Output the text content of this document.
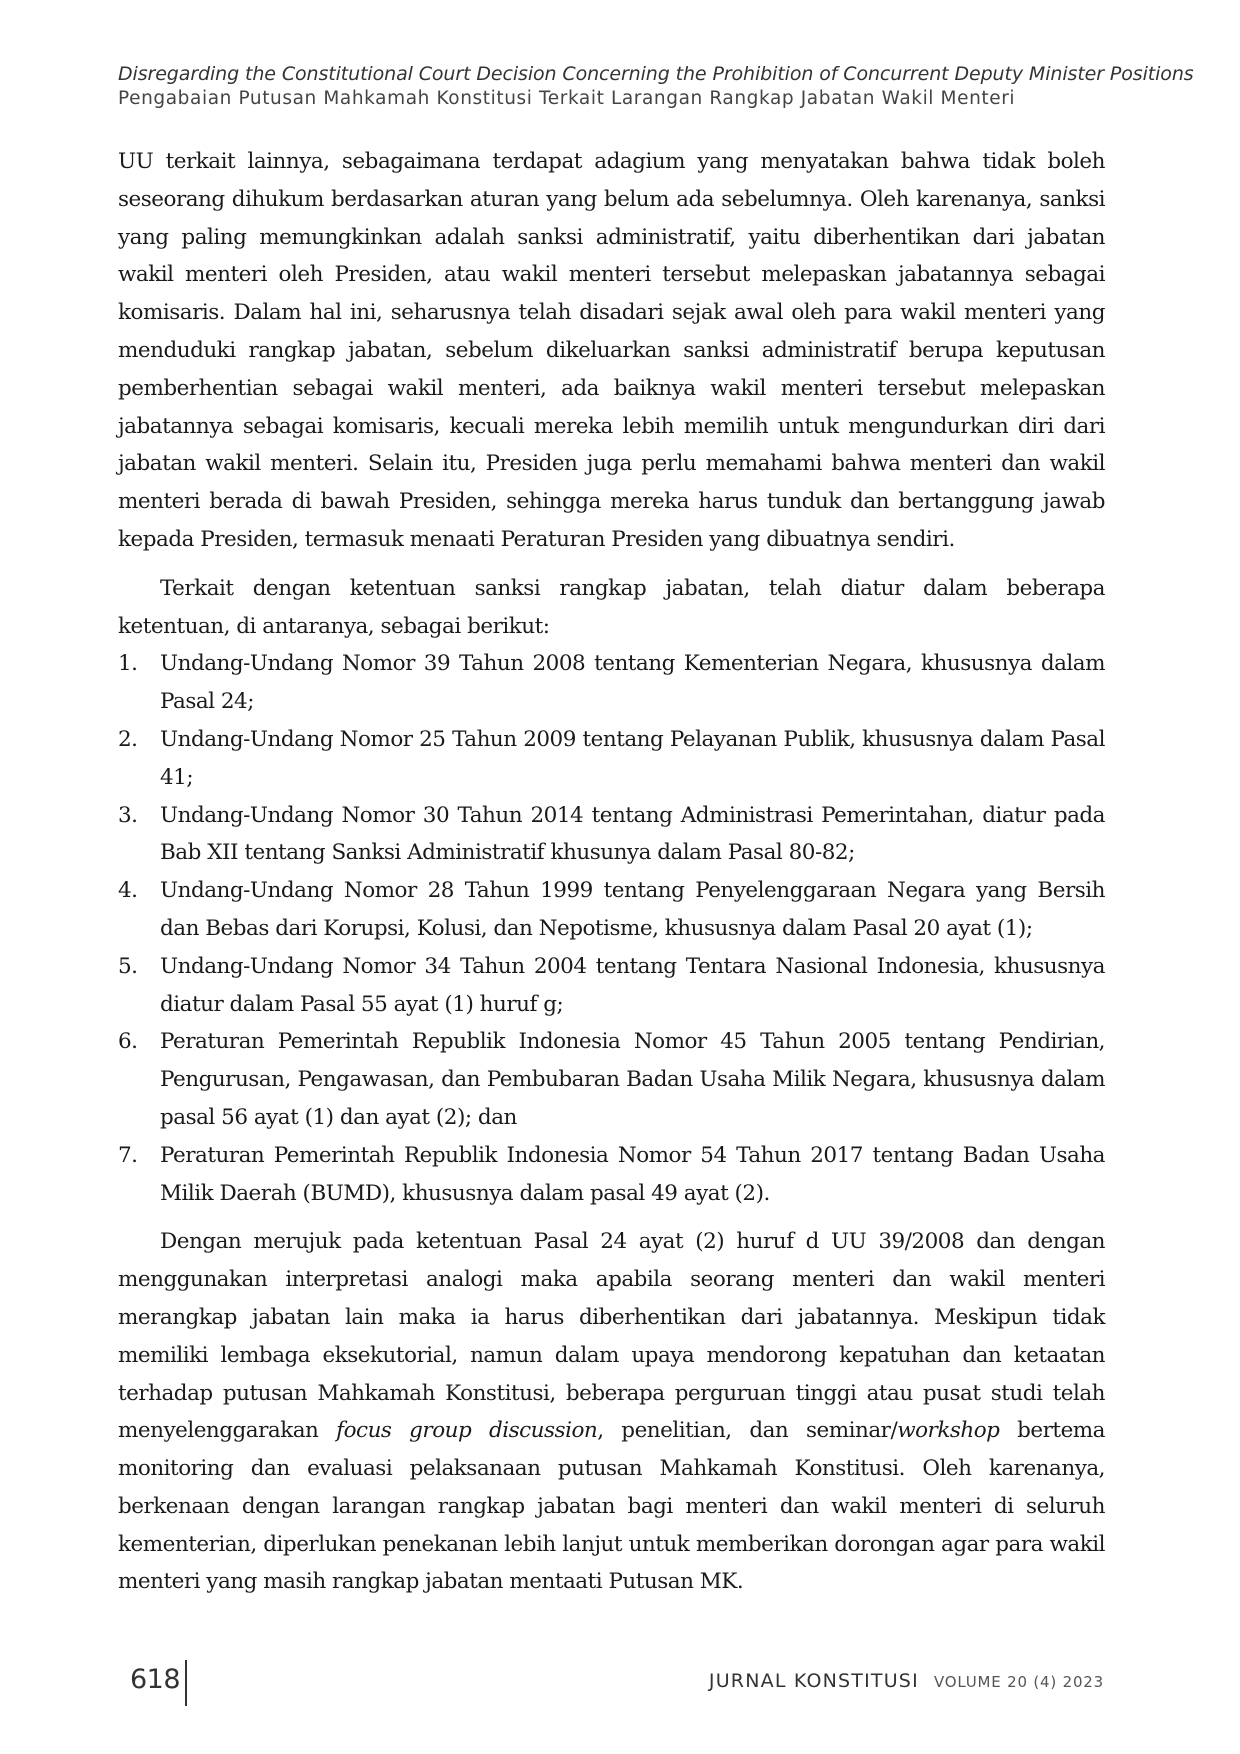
Disregarding the Constitutional Court Decision Concerning the Prohibition of Concurrent Deputy Minister Positions
Pengabaian Putusan Mahkamah Konstitusi Terkait Larangan Rangkap Jabatan Wakil Menteri

UU terkait lainnya, sebagaimana terdapat adagium yang menyatakan bahwa tidak boleh seseorang dihukum berdasarkan aturan yang belum ada sebelumnya. Oleh karenanya, sanksi yang paling memungkinkan adalah sanksi administratif, yaitu diberhentikan dari jabatan wakil menteri oleh Presiden, atau wakil menteri tersebut melepaskan jabatannya sebagai komisaris. Dalam hal ini, seharusnya telah disadari sejak awal oleh para wakil menteri yang menduduki rangkap jabatan, sebelum dikeluarkan sanksi administratif berupa keputusan pemberhentian sebagai wakil menteri, ada baiknya wakil menteri tersebut melepaskan jabatannya sebagai komisaris, kecuali mereka lebih memilih untuk mengundurkan diri dari jabatan wakil menteri. Selain itu, Presiden juga perlu memahami bahwa menteri dan wakil menteri berada di bawah Presiden, sehingga mereka harus tunduk dan bertanggung jawab kepada Presiden, termasuk menaati Peraturan Presiden yang dibuatnya sendiri.

Terkait dengan ketentuan sanksi rangkap jabatan, telah diatur dalam beberapa ketentuan, di antaranya, sebagai berikut:

1. Undang-Undang Nomor 39 Tahun 2008 tentang Kementerian Negara, khususnya dalam Pasal 24;
2. Undang-Undang Nomor 25 Tahun 2009 tentang Pelayanan Publik, khususnya dalam Pasal 41;
3. Undang-Undang Nomor 30 Tahun 2014 tentang Administrasi Pemerintahan, diatur pada Bab XII tentang Sanksi Administratif khusunya dalam Pasal 80-82;
4. Undang-Undang Nomor 28 Tahun 1999 tentang Penyelenggaraan Negara yang Bersih dan Bebas dari Korupsi, Kolusi, dan Nepotisme, khususnya dalam Pasal 20 ayat (1);
5. Undang-Undang Nomor 34 Tahun 2004 tentang Tentara Nasional Indonesia, khususnya diatur dalam Pasal 55 ayat (1) huruf g;
6. Peraturan Pemerintah Republik Indonesia Nomor 45 Tahun 2005 tentang Pendirian, Pengurusan, Pengawasan, dan Pembubaran Badan Usaha Milik Negara, khususnya dalam pasal 56 ayat (1) dan ayat (2); dan
7. Peraturan Pemerintah Republik Indonesia Nomor 54 Tahun 2017 tentang Badan Usaha Milik Daerah (BUMD), khususnya dalam pasal 49 ayat (2).

Dengan merujuk pada ketentuan Pasal 24 ayat (2) huruf d UU 39/2008 dan dengan menggunakan interpretasi analogi maka apabila seorang menteri dan wakil menteri merangkap jabatan lain maka ia harus diberhentikan dari jabatannya. Meskipun tidak memiliki lembaga eksekutorial, namun dalam upaya mendorong kepatuhan dan ketaatan terhadap putusan Mahkamah Konstitusi, beberapa perguruan tinggi atau pusat studi telah menyelenggarakan focus group discussion, penelitian, dan seminar/workshop bertema monitoring dan evaluasi pelaksanaan putusan Mahkamah Konstitusi. Oleh karenanya, berkenaan dengan larangan rangkap jabatan bagi menteri dan wakil menteri di seluruh kementerian, diperlukan penekanan lebih lanjut untuk memberikan dorongan agar para wakil menteri yang masih rangkap jabatan mentaati Putusan MK.

618	JURNAL KONSTITUSI VOLUME 20 (4) 2023
